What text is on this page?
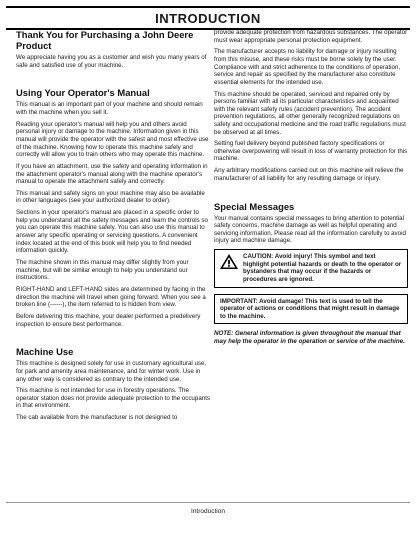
INTRODUCTION
Thank You for Purchasing a John Deere Product

We appreciate having you as a customer and wish you many years of safe and satisfied use of your machine.

Using Your Operator's Manual

This manual is an important part of your machine and should remain with the machine when you sell it.

Reading your operator's manual will help you and others avoid personal injury or damage to the machine. Information given in this manual will provide the operator with the safest and most effective use of the machine. Knowing how to operate this machine safely and correctly will allow you to train others who may operate this machine.

If you have an attachment, use the safety and operating information in the attachment operator's manual along with the machine operator's manual to operate the attachment safely and correctly.

This manual and safety signs on your machine may also be available in other languages (see your authorized dealer to order).

Sections in your operator's manual are placed in a specific order to help you understand all the safety messages and learn the controls so you can operate this machine safely. You can also use this manual to answer any specific operating or servicing questions. A convenient index located at the end of this book will help you to find needed information quickly.

The machine shown in this manual may differ slightly from your machine, but will be similar enough to help you understand our instructions.

RIGHT-HAND and LEFT-HAND sides are determined by facing in the direction the machine will travel when going forward. When you see a broken line (------), the item referred to is hidden from view.

Before delivering this machine, your dealer performed a predelivery inspection to ensure best performance.

Machine Use

This machine is designed solely for use in customary agricultural use, for park and amenity area maintenance, and for winter work. Use in any other way is considered as contrary to the intended use.

This machine is not intended for use in forestry operations. The operator station does not provide adequate protection to the occupants in that environment.

The cab available from the manufacturer is not designed to

provide adequate protection from hazardous substances. The operator must wear appropriate personal protection equipment.

The manufacturer accepts no liability for damage or injury resulting from this misuse, and these risks must be borne solely by the user. Compliance with and strict adherence to the conditions of operation, service and repair as specified by the manufacturer also constitute essential elements for the intended use.

This machine should be operated, serviced and repaired only by persons familiar with all its particular characteristics and acquainted with the relevant safety rules (accident prevention). The accident prevention regulations, all other generally recognized regulations on safety and occupational medicine and the road traffic regulations must be observed at all times.

Setting fuel delivery beyond published factory specifications or otherwise overpowering will result in loss of warranty protection for this machine.

Any arbitrary modifications carried out on this machine will relieve the manufacturer of all liability for any resulting damage or injury.

Special Messages

Your manual contains special messages to bring attention to potential safety concerns, machine damage as well as helpful operating and servicing information. Please read all the information carefully to avoid injury and machine damage.

CAUTION: Avoid injury! This symbol and text highlight potential hazards or death to the operator or bystanders that may occur if the hazards or procedures are ignored.
IMPORTANT: Avoid damage! This text is used to tell the operator of actions or conditions that might result in damage to the machine.

NOTE: General information is given throughout the manual that may help the operator in the operation or service of the machine.

Introduction
